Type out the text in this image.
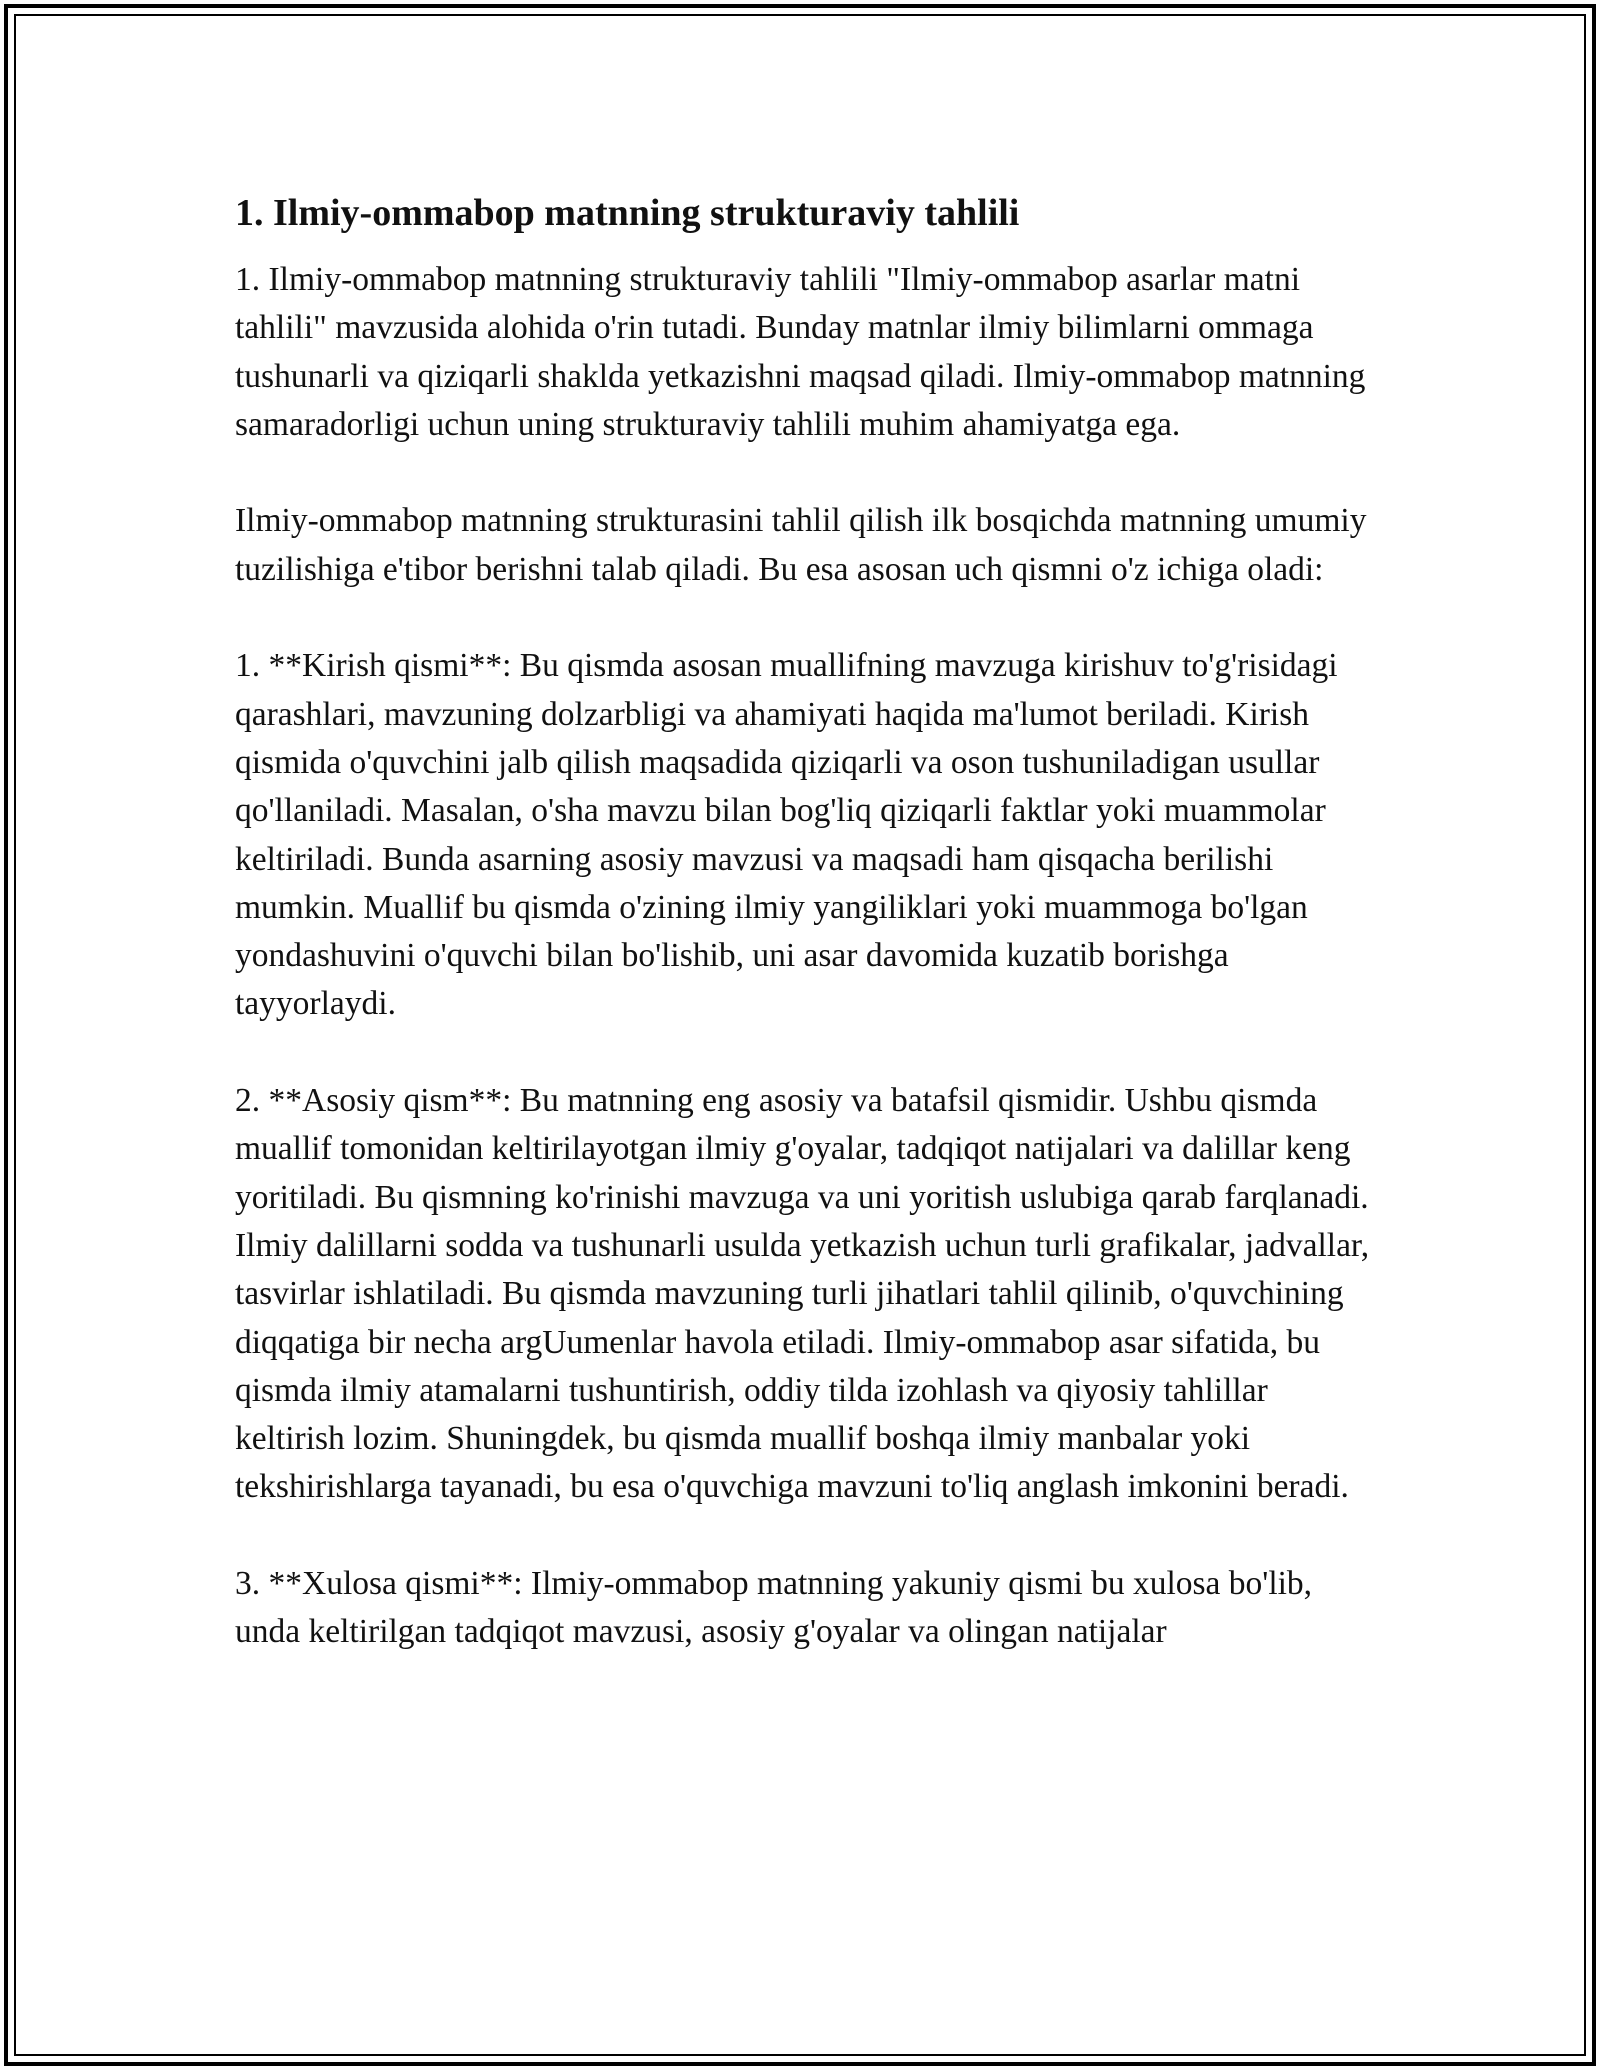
1. Ilmiy-ommabop matnning strukturaviy tahlili

1. Ilmiy-ommabop matnning strukturaviy tahlili "Ilmiy-ommabop asarlar matni tahlili" mavzusida alohida o'rin tutadi. Bunday matnlar ilmiy bilimlarni ommaga tushunarli va qiziqarli shaklda yetkazishni maqsad qiladi. Ilmiy-ommabop matnning samaradorligi uchun uning strukturaviy tahlili muhim ahamiyatga ega.

Ilmiy-ommabop matnning strukturasini tahlil qilish ilk bosqichda matnning umumiy tuzilishiga e'tibor berishni talab qiladi. Bu esa asosan uch qismni o'z ichiga oladi:

1. **Kirish qismi**: Bu qismda asosan muallifning mavzuga kirishuv to'g'risidagi qarashlari, mavzuning dolzarbligi va ahamiyati haqida ma'lumot beriladi. Kirish qismida o'quvchini jalb qilish maqsadida qiziqarli va oson tushuniladigan usullar qo'llaniladi. Masalan, o'sha mavzu bilan bog'liq qiziqarli faktlar yoki muammolar keltiriladi. Bunda asarning asosiy mavzusi va maqsadi ham qisqacha berilishi mumkin. Muallif bu qismda o'zining ilmiy yangiliklari yoki muammoga bo'lgan yondashuvini o'quvchi bilan bo'lishib, uni asar davomida kuzatib borishga tayyorlaydi.

2. **Asosiy qism**: Bu matnning eng asosiy va batafsil qismidir. Ushbu qismda muallif tomonidan keltirilayotgan ilmiy g'oyalar, tadqiqot natijalari va dalillar keng yoritiladi. Bu qismning ko'rinishi mavzuga va uni yoritish uslubiga qarab farqlanadi. Ilmiy dalillarni sodda va tushunarli usulda yetkazish uchun turli grafikalar, jadvallar, tasvirlar ishlatiladi. Bu qismda mavzuning turli jihatlari tahlil qilinib, o'quvchining diqqatiga bir necha argUumenlar havola etiladi. Ilmiy-ommabop asar sifatida, bu qismda ilmiy atamalarni tushuntirish, oddiy tilda izohlash va qiyosiy tahlillar keltirish lozim. Shuningdek, bu qismda muallif boshqa ilmiy manbalar yoki tekshirishlarga tayanadi, bu esa o'quvchiga mavzuni to'liq anglash imkonini beradi.

3. **Xulosa qismi**: Ilmiy-ommabop matnning yakuniy qismi bu xulosa bo'lib, unda keltirilgan tadqiqot mavzusi, asosiy g'oyalar va olingan natijalar
